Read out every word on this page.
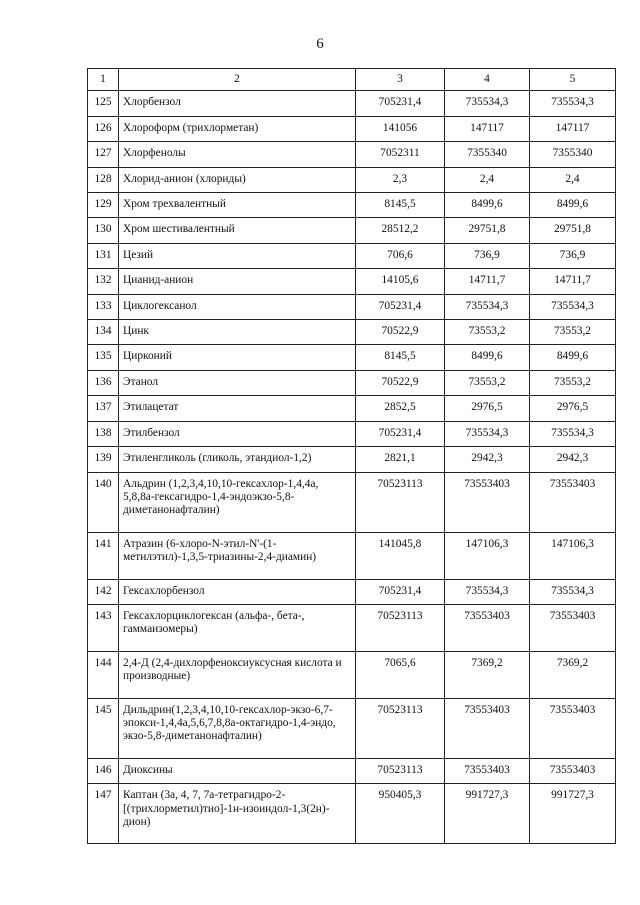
6
1	2	3	4	5
125	Хлорбензол	705231,4	735534,3	735534,3
126	Хлороформ (трихлорметан)	141056	147117	147117
127	Хлорфенолы	7052311	7355340	7355340
128	Хлорид-анион (хлориды)	2,3	2,4	2,4
129	Хром трехвалентный	8145,5	8499,6	8499,6
130	Хром шестивалентный	28512,2	29751,8	29751,8
131	Цезий	706,6	736,9	736,9
132	Цианид-анион	14105,6	14711,7	14711,7
133	Циклогексанол	705231,4	735534,3	735534,3
134	Цинк	70522,9	73553,2	73553,2
135	Цирконий	8145,5	8499,6	8499,6
136	Этанол	70522,9	73553,2	73553,2
137	Этилацетат	2852,5	2976,5	2976,5
138	Этилбензол	705231,4	735534,3	735534,3
139	Этиленгликоль (гликоль, этандиол-1,2)	2821,1	2942,3	2942,3
140	Альдрин (1,2,3,4,10,10-гексахлор-1,4,4а, 5,8,8а-гексагидро-1,4-эндоэкзо-5,8-диметанонафталин)	70523113	73553403	73553403
141	Атразин (6-хлоро-N-этил-N'-(1-метилэтил)-1,3,5-триазины-2,4-диамин)	141045,8	147106,3	147106,3
142	Гексахлорбензол	705231,4	735534,3	735534,3
143	Гексахлорциклогексан (альфа-, бета-, гаммаизомеры)	70523113	73553403	73553403
144	2,4-Д (2,4-дихлорфеноксиуксусная кислота и производные)	7065,6	7369,2	7369,2
145	Дильдрин(1,2,3,4,10,10-гексахлор-экзо-6,7-эпокси-1,4,4а,5,6,7,8,8а-октагидро-1,4-эндо, экзо-5,8-диметанонафталин)	70523113	73553403	73553403
146	Диоксины	70523113	73553403	73553403
147	Каптан (3а, 4, 7, 7а-тетрагидро-2-[(трихлорметил)тио]-1н-изоиндол-1,3(2н)-дион)	950405,3	991727,3	991727,3
